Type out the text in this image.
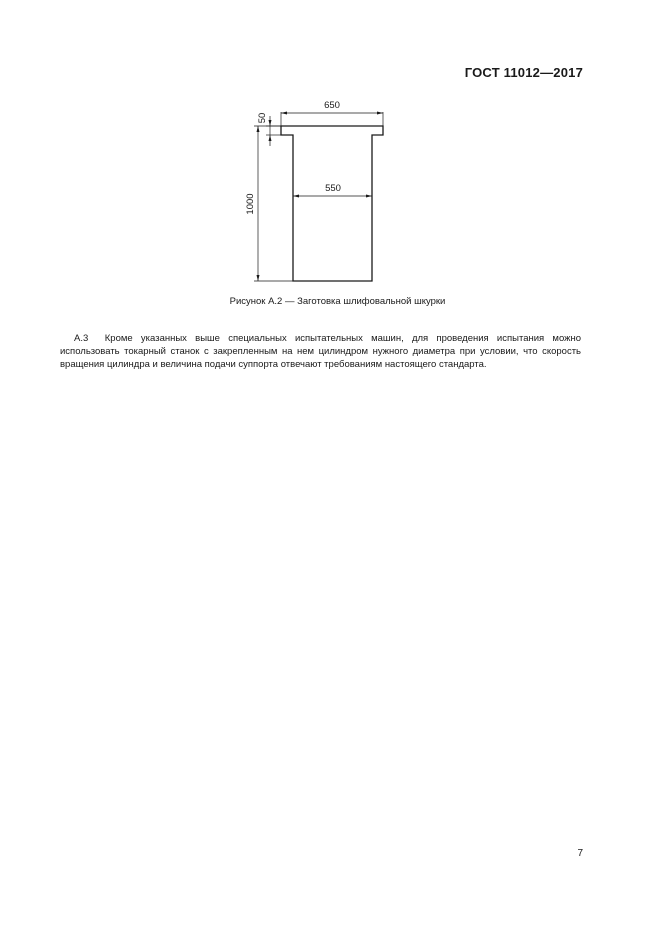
ГОСТ 11012—2017
650
550
50
1000
Рисунок А.2 — Заготовка шлифовальной шкурки
А.3 Кроме указанных выше специальных испытательных машин, для проведения испытания можно использовать токарный станок с закрепленным на нем цилиндром нужного диаметра при условии, что скорость вращения цилиндра и величина подачи суппорта отвечают требованиям настоящего стандарта.
7
